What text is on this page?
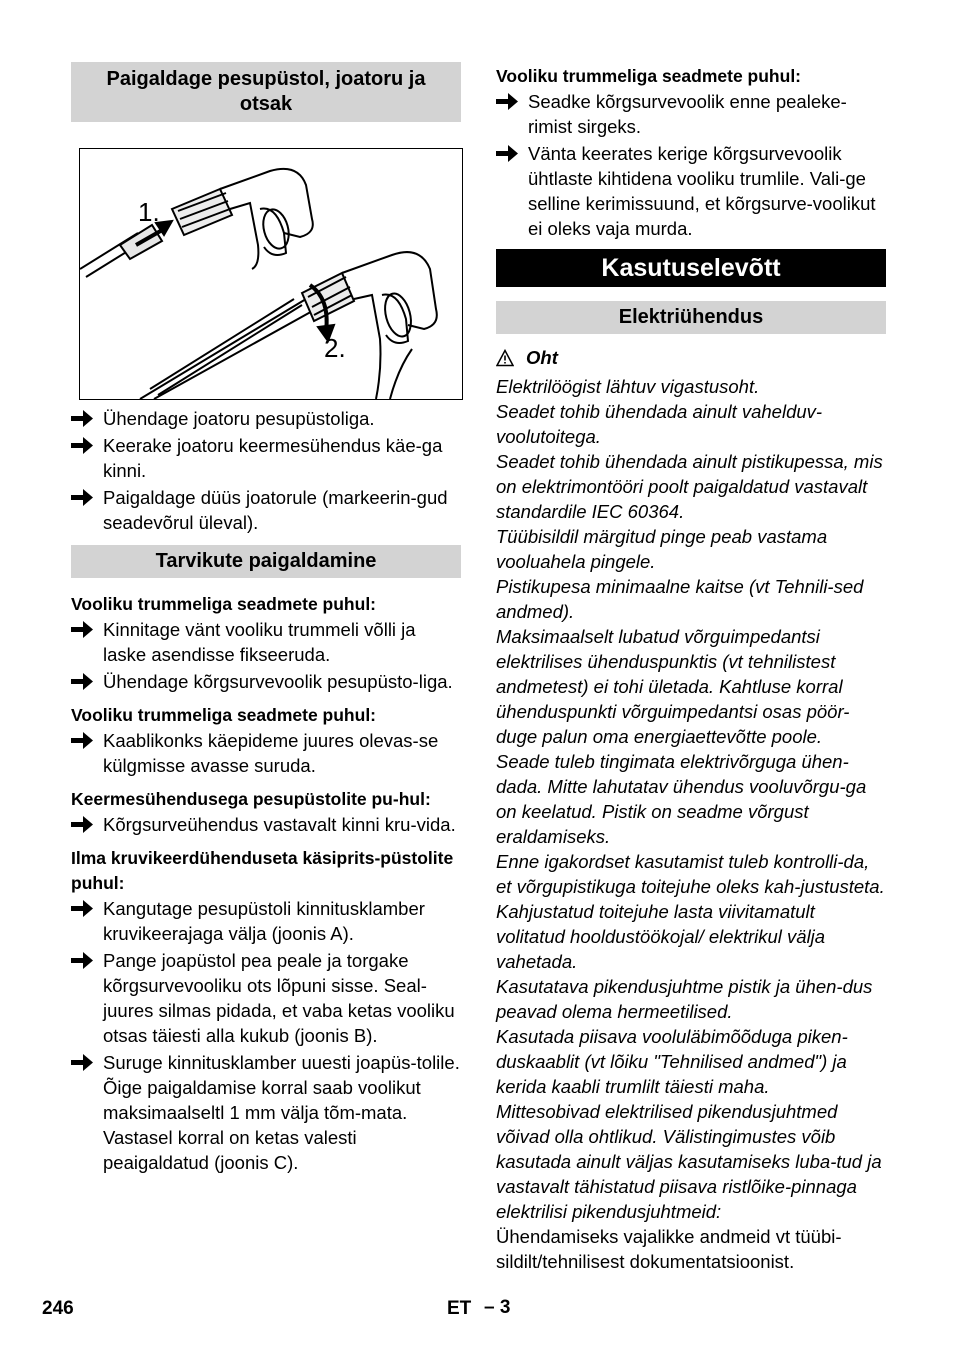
Paigaldage pesupüstol, joatoru ja otsak
1.
2.
Ühendage joatoru pesupüstoliga.
Keerake joatoru keermesühendus käe-ga kinni.
Paigaldage düüs joatorule (markeerin-gud seadevõrul üleval).
Tarvikute paigaldamine

Vooliku trummeliga seadmete puhul:

Kinnitage vänt vooliku trummeli võlli ja laske asendisse fikseeruda.
Ühendage kõrgsurvevoolik pesupüsto-liga.

Vooliku trummeliga seadmete puhul:

Kaablikonks käepideme juures olevas-se külgmisse avasse suruda.

Keermesühendusega pesupüstolite pu-hul:

Kõrgsurveühendus vastavalt kinni kru-vida.

Ilma kruvikeerdühenduseta käsiprits-püstolite puhul:

Kangutage pesupüstoli kinnitusklamber kruvikeerajaga välja (joonis A).
Pange joapüstol pea peale ja torgake kõrgsurvevooliku ots lõpuni sisse. Seal-juures silmas pidada, et vaba ketas vooliku otsas täiesti alla kukub (joonis B).
Suruge kinnitusklamber uuesti joapüs-tolile. Õige paigaldamise korral saab voolikut maksimaalseltl 1 mm välja tõm-mata. Vastasel korral on ketas valesti peaigaldatud (joonis C).

Vooliku trummeliga seadmete puhul:

Seadke kõrgsurvevoolik enne pealeke-rimist sirgeks.
Vänta keerates kerige kõrgsurvevoolik ühtlaste kihtidena vooliku trumlile. Vali-ge selline kerimissuund, et kõrgsurve-voolikut ei oleks vaja murda.
Kasutuselevõtt
Elektriühendus
Oht

Elektrilöögist lähtuv vigastusoht.

Seadet tohib ühendada ainult vahelduv-voolutoitega.

Seadet tohib ühendada ainult pistikupessa, mis on elektrimontööri poolt paigaldatud vastavalt standardile IEC 60364.

Tüübisildil märgitud pinge peab vastama vooluahela pingele.

Pistikupesa minimaalne kaitse (vt Tehnili-sed andmed).

Maksimaalselt lubatud võrguimpedantsi elektrilises ühenduspunktis (vt tehnilistest andmetest) ei tohi ületada. Kahtluse korral ühenduspunkti võrguimpedantsi osas pöör-duge palun oma energiaettevõtte poole.

Seade tuleb tingimata elektrivõrguga ühen-dada. Mitte lahutatav ühendus vooluvõrgu-ga on keelatud. Pistik on seadme võrgust eraldamiseks.

Enne igakordset kasutamist tuleb kontrolli-da, et võrgupistikuga toitejuhe oleks kah-justusteta. Kahjustatud toitejuhe lasta viivitamatult volitatud hooldustöökojal/ elektrikul välja vahetada.

Kasutatava pikendusjuhtme pistik ja ühen-dus peavad olema hermeetilised.

Kasutada piisava vooluläbimõõduga piken-duskaablit (vt lõiku "Tehnilised andmed") ja kerida kaabli trumlilt täiesti maha.

Mittesobivad elektrilised pikendusjuhtmed võivad olla ohtlikud. Välistingimustes võib kasutada ainult väljas kasutamiseks luba-tud ja vastavalt tähistatud piisava ristlõike-pinnaga elektrilisi pikendusjuhtmeid:

Ühendamiseks vajalikke andmeid vt tüübi-sildilt/tehnilisest dokumentatsioonist.

246	ET – 3
